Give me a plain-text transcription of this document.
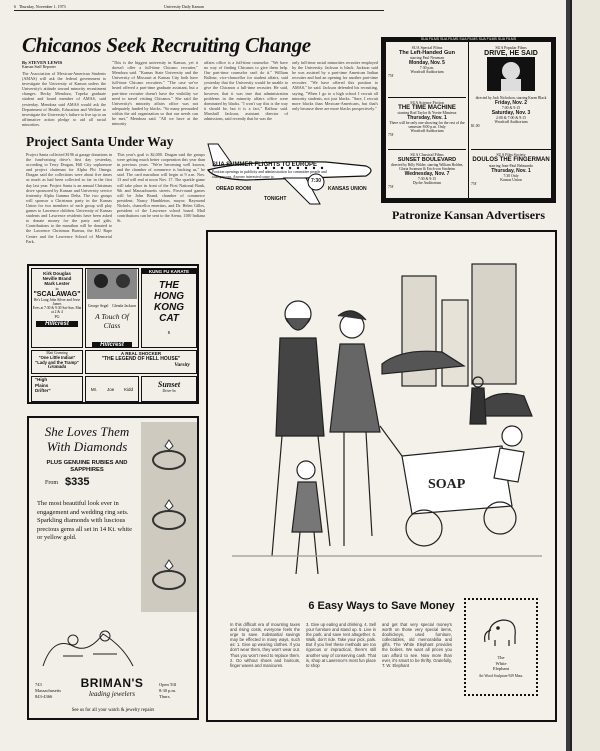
6 Thursday, November 1, 1973	University Daily Kansan
Chicanos Seek Recruiting Change
By STEVEN LEWIS
Kansan Staff Reporter

The Association of Mexican-American Students (AMAS) will ask the federal government to investigate the University of Kansas unless the University's attitude toward minority recruitment changes. Becky Mendoza, Topeka graduate student and board member of AMAS, said yesterday. Mendoza said AMAS would ask the Department of Health, Education and Welfare to investigate the University's failure to live up to an affirmative action pledge to aid all racial minorities.

"This is the biggest university in Kansas, yet it doesn't offer a full-time Chicano recruiter," Mendoza said. "Kansas State University and the University of Missouri at Kansas City both have full-time Chicano recruiters." "The case we've heard offered a part-time graduate assistant, but a part-time recruiter doesn't have the visibility we need to travel visiting Chicanos." She said the University's minority affairs office was not adequately funded by blacks. "So many persuaded within the aid organization so that our needs can be met," Mendoza said. "All we have at the minority

affairs office is a full-time counselor. "We have no way of finding Chicanos to give them help. Our part-time counselor can't do it." William Balfour, vice-chancellor for student affairs, said yesterday that the University would be unable to give the Chicanos a full-time recruiter. He said, however, that it was true that administration problems in the minority affairs office were dominated by blacks. "I won't say this is the way it should be, but it is a fact," Balfour said. Marshall Jackson, assistant director of admissions, said recently that he was the

only full-time racial minorities recruiter employed by the University. Jackson is black. Jackson said he was assisted by a part-time American Indian recruiter and had an opening for another part-time recruiter. "We have offered this position to AMAS," he said. Jackson defended his recruiting, saying, "When I go to a high school I recruit all minority students, not just blacks. "Sure, I recruit more blacks than Mexican-Americans, but that's only because there are more blacks prospectively."

Project Santa Under Way

Project Santa collected $196 at garage donations in the fund-raising drive's first day yesterday, according to Terry Dragan, Hill City sophomore and project chairman for Alpha Phi Omega. Dragan said the collections were about five times as much as had been collected so far in the first day last year. Project Santa is an annual Christmas drive sponsored by Kansan and University service fraternity Alpha Gamma Delta. The two groups will sponsor a Christmas party in the Kansas Union for two members of each group will play games to Lawrence children. University of Kansas students and Lawrence residents have been asked to donate money for the party and gifts. Contributions to the marathon will be donated to the Lawrence Christmas Bureau, the KU Rape Center and the Lawrence School of Memorial Park.

This year's goal is $2,000. Dragan said the groups were getting much better cooperation this year than in previous years. "We're becoming well known, and the chamber of commerce is backing us," he said. The card marathon will begin at 9 a.m. Nov. 13 and will end at noon Nov. 17. The sparkle game will take place in front of the First National Bank, 9th and Massachusetts streets. First-round games will be John Brand, chamber of commerce president; Nancy Hambleton, mayor; Raymond Nichols, chancellor emeritus, and Dr. Helen Gilles, president of the Lawrence school board. Mail contributions can be sent to the Arena, 1100 Indiana St.

SUA SUMMER FLIGHTS TO EUROPE
Position openings in publicity and administration for committee people and chairpersons. Anyone interested come to
OREAD ROOM	KANSAS UNION
7:30
TONIGHT
SUA FILMS SUA FILMS SUA FILMS SUA FILMS SUA FILMS
SUA Special Films
The Left-Handed Gun
starring Paul Newman
Monday, Nov. 5
7:30 p.m.
Woodruff Auditorium
75¢
SUA Science Fiction
THE TIME MACHINE
starring Rod Taylor & Yvette Mimieux
Thursday, Nov. 1
There will be only one showing for the rest of the semester 8:00 p.m. Only
Woodruff Auditorium
75¢
SUA Classical Films
SUNSET BOULEVARD
directed by Billy Wilder, starring William Holden, Gloria Swanson & Erich von Stroheim
Wednesday, Nov. 7
7:30 & 9:15
Dyche Auditorium
75¢
SUA Popular Films
DRIVE, HE SAID
directed by Jack Nicholson, starring Karen Black
Friday, Nov. 2
7:00 & 9:15
Saturday, Nov. 3
2:00 & 7:00 & 9:15
Woodruff Auditorium
$1.00
SUA Film Society
DOULOS THE FINGERMAN
starring Jean-Paul Belmondo
Thursday, Nov. 1
7:30 Only
Kansas Union
75¢
Patronize Kansan Advertisers
Kirk Douglas
Neville Brand
Mark Lester
in
"SCALAWAG"
He's Long John Silver and Jesse James
Eves at 7:30 & 9:30 Sat-Sun. Mat at 2 & 4
PG
Hillcrest
George Segal Glenda Jackson
A Touch Of Class
Hillcrest
KUNG FU KARATE
THE HONG KONG CAT
R
Matt Groening
"One Little Indian"
"Lady and the Tramp"
Granada
A REAL SHOCKER
"THE LEGEND OF HELL HOUSE"
Varsity
"High
Plains
Drifter"	Mr. Joe Kidd	Sunset
Drive-In
She Loves Them With Diamonds
PLUS GENUINE RUBIES AND SAPPHIRES
From $335
The most beautiful look ever in engagement and wedding ring sets. Sparkling diamonds with luscious precious gems all set in 14 Kt. white or yellow gold.
743
Massachusetts
843-4366
BRIMAN'S
leading jewelers
Open Till
8:30 p.m.
Thurs.
See us for all your watch & jewelry repairs
SOAP
6 Easy Ways to Save Money

In this difficult era of mounting taxes and rising costs, everyone feels the urge to save. Substantial savings may be effected in many ways, such as: 1. Give up wearing clothes. If you don't wear them, they won't wear out. Thus you won't need to replace them. 2. Do without shoes and haircuts, finger waves and manicures.

3. Give up eating and drinking. 4. Sell your furniture and stand up. 5. Live in the park, and save rent altogether. 6. Walk, don't ride. Take your pick, pals. But if you feel these methods are too rigorous or impractical, there's still another way of conserving cash. That is, shop at Lawrence's most fun place to shop

and get that very special money's worth on those very special items, doohickeys, used furniture, collectables, old memorabilia and gifts. The White Elephant provides the boilers. We want all prices you can afford to see. Now more than ever, it's smart to be thrifty. Gratefully, T. W. Elephant

The
White
Elephant
Art Wood Sculpture 929 Mass.
